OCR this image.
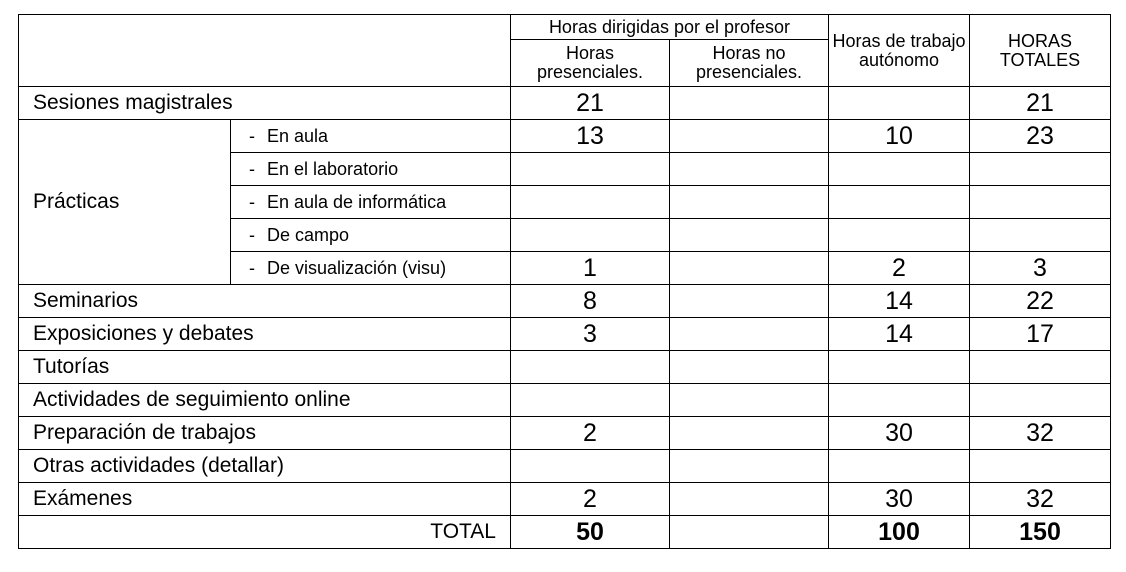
		Horas dirigidas por el profesor		Horas de trabajo autónomo	HORAS TOTALES
		Horas presenciales.	Horas no presenciales.		
Sesiones magistrales		21			21
Prácticas	- En aula	13		10	23
	- En el laboratorio				
	- En aula de informática				
	- De campo				
	- De visualización (visu)	1		2	3
Seminarios		8		14	22
Exposiciones y debates		3		14	17
Tutorías					
Actividades de seguimiento online					
Preparación de trabajos		2		30	32
Otras actividades (detallar)					
Exámenes		2		30	32
TOTAL		50		100	150
